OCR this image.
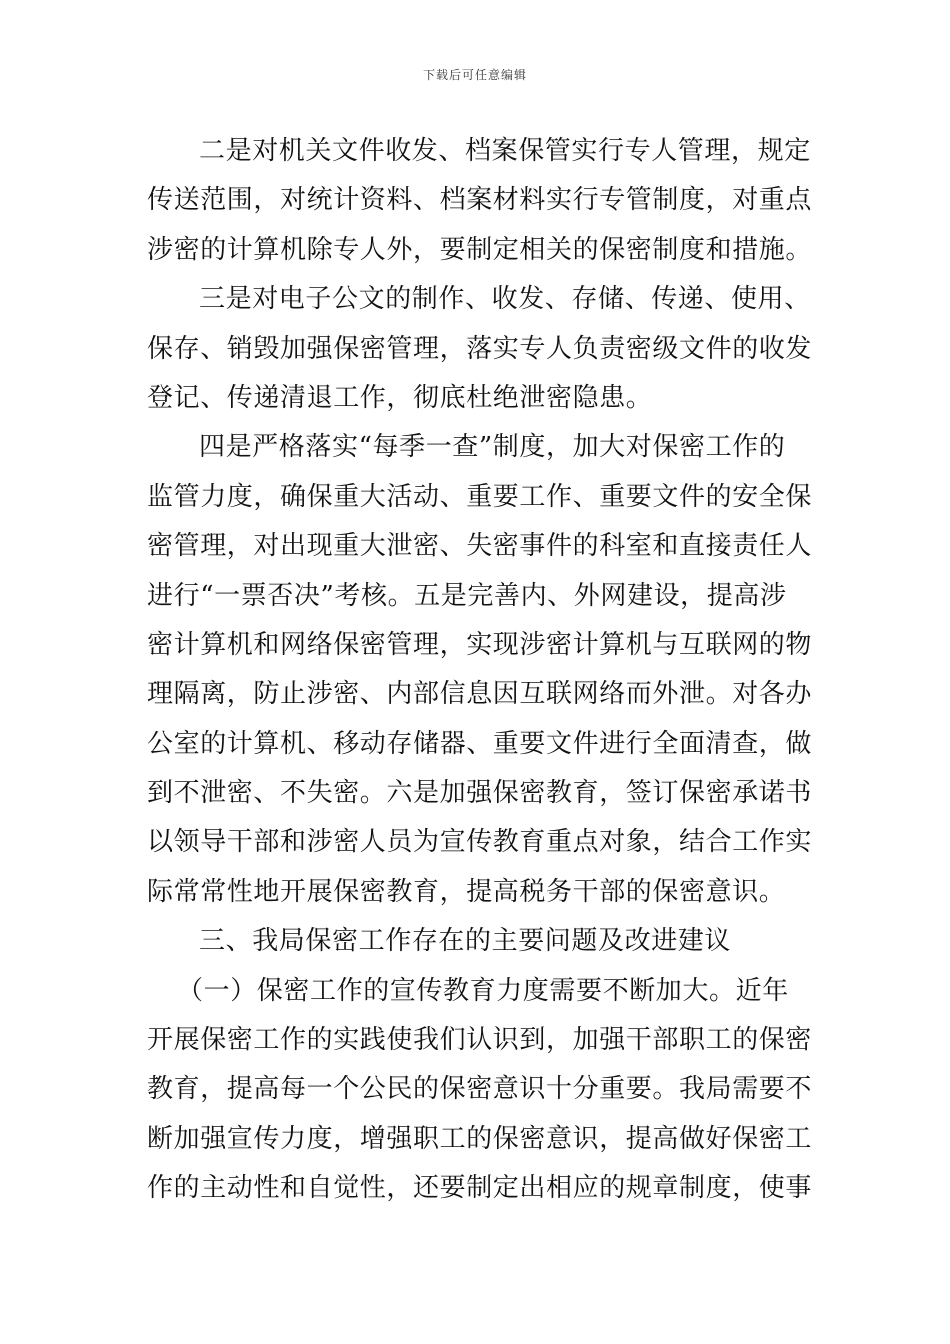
下载后可任意编辑
二是对机关文件收发、档案保管实行专人管理，规定
传送范围，对统计资料、档案材料实行专管制度，对重点
涉密的计算机除专人外，要制定相关的保密制度和措施。
三是对电子公文的制作、收发、存储、传递、使用、
保存、销毁加强保密管理，落实专人负责密级文件的收发
登记、传递清退工作，彻底杜绝泄密隐患。
四是严格落实“每季一查”制度，加大对保密工作的
监管力度，确保重大活动、重要工作、重要文件的安全保
密管理，对出现重大泄密、失密事件的科室和直接责任人
进行“一票否决”考核。五是完善内、外网建设，提高涉
密计算机和网络保密管理，实现涉密计算机与互联网的物
理隔离，防止涉密、内部信息因互联网络而外泄。对各办
公室的计算机、移动存储器、重要文件进行全面清查，做
到不泄密、不失密。六是加强保密教育，签订保密承诺书
以领导干部和涉密人员为宣传教育重点对象，结合工作实
际常常性地开展保密教育，提高税务干部的保密意识。
三、我局保密工作存在的主要问题及改进建议
（一）保密工作的宣传教育力度需要不断加大。近年
开展保密工作的实践使我们认识到，加强干部职工的保密
教育，提高每一个公民的保密意识十分重要。我局需要不
断加强宣传力度，增强职工的保密意识，提高做好保密工
作的主动性和自觉性，还要制定出相应的规章制度，使事
